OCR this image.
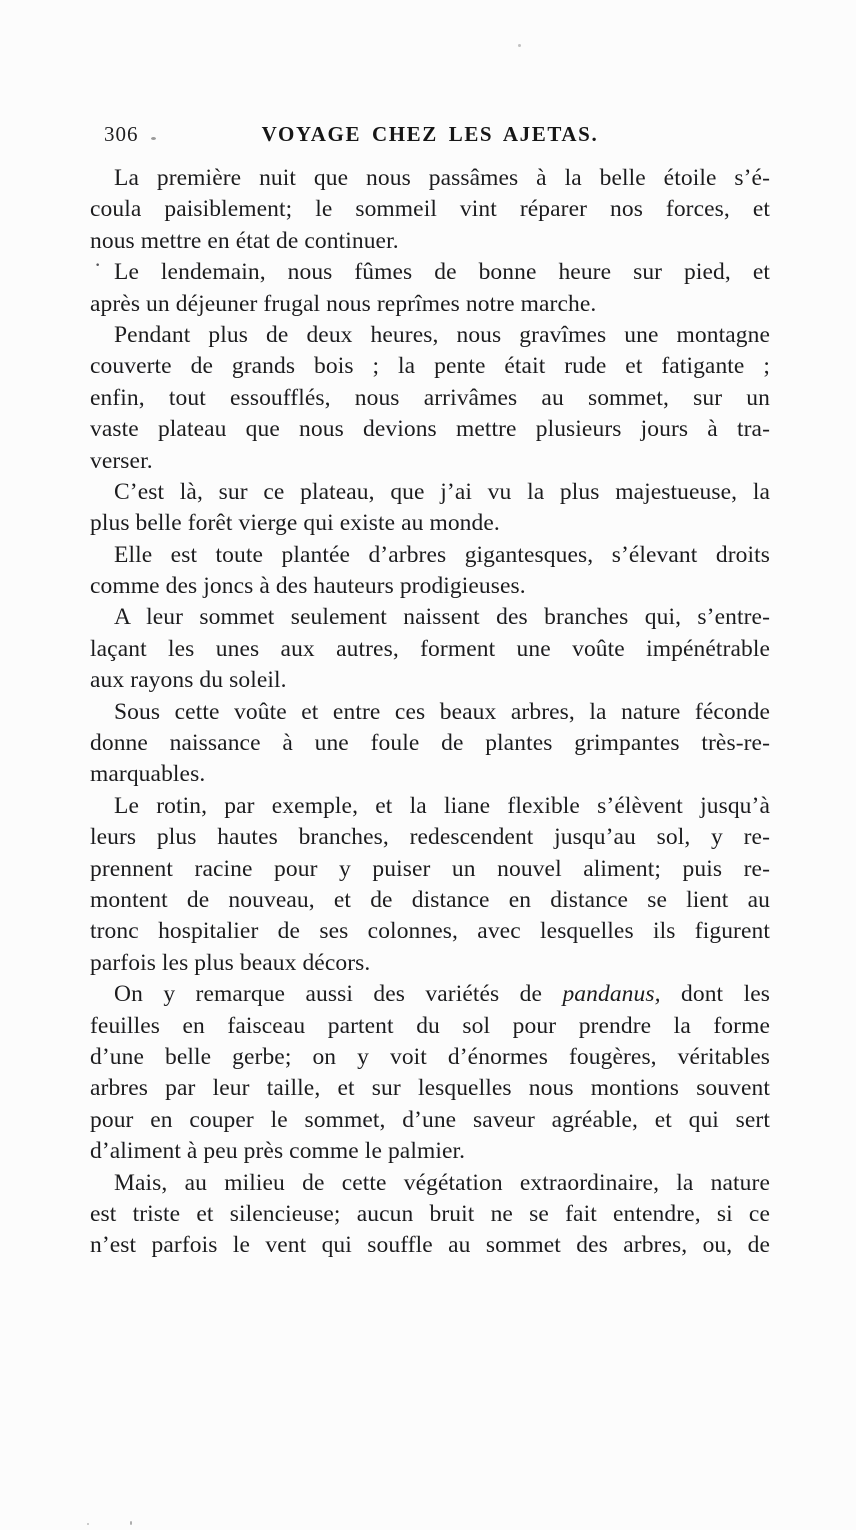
306	VOYAGE CHEZ LES AJETAS.
La première nuit que nous passâmes à la belle étoile s’é-
coula paisiblement; le sommeil vint réparer nos forces, et
nous mettre en état de continuer.
Le lendemain, nous fûmes de bonne heure sur pied, et
après un déjeuner frugal nous reprîmes notre marche.
Pendant plus de deux heures, nous gravîmes une montagne
couverte de grands bois ; la pente était rude et fatigante ;
enfin, tout essoufflés, nous arrivâmes au sommet, sur un
vaste plateau que nous devions mettre plusieurs jours à tra-
verser.
C’est là, sur ce plateau, que j’ai vu la plus majestueuse, la
plus belle forêt vierge qui existe au monde.
Elle est toute plantée d’arbres gigantesques, s’élevant droits
comme des joncs à des hauteurs prodigieuses.
A leur sommet seulement naissent des branches qui, s’entre-
laçant les unes aux autres, forment une voûte impénétrable
aux rayons du soleil.
Sous cette voûte et entre ces beaux arbres, la nature féconde
donne naissance à une foule de plantes grimpantes très-re-
marquables.
Le rotin, par exemple, et la liane flexible s’élèvent jusqu’à
leurs plus hautes branches, redescendent jusqu’au sol, y re-
prennent racine pour y puiser un nouvel aliment; puis re-
montent de nouveau, et de distance en distance se lient au
tronc hospitalier de ses colonnes, avec lesquelles ils figurent
parfois les plus beaux décors.
On y remarque aussi des variétés de pandanus, dont les
feuilles en faisceau partent du sol pour prendre la forme
d’une belle gerbe; on y voit d’énormes fougères, véritables
arbres par leur taille, et sur lesquelles nous montions souvent
pour en couper le sommet, d’une saveur agréable, et qui sert
d’aliment à peu près comme le palmier.
Mais, au milieu de cette végétation extraordinaire, la nature
est triste et silencieuse; aucun bruit ne se fait entendre, si ce
n’est parfois le vent qui souffle au sommet des arbres, ou, de
·
